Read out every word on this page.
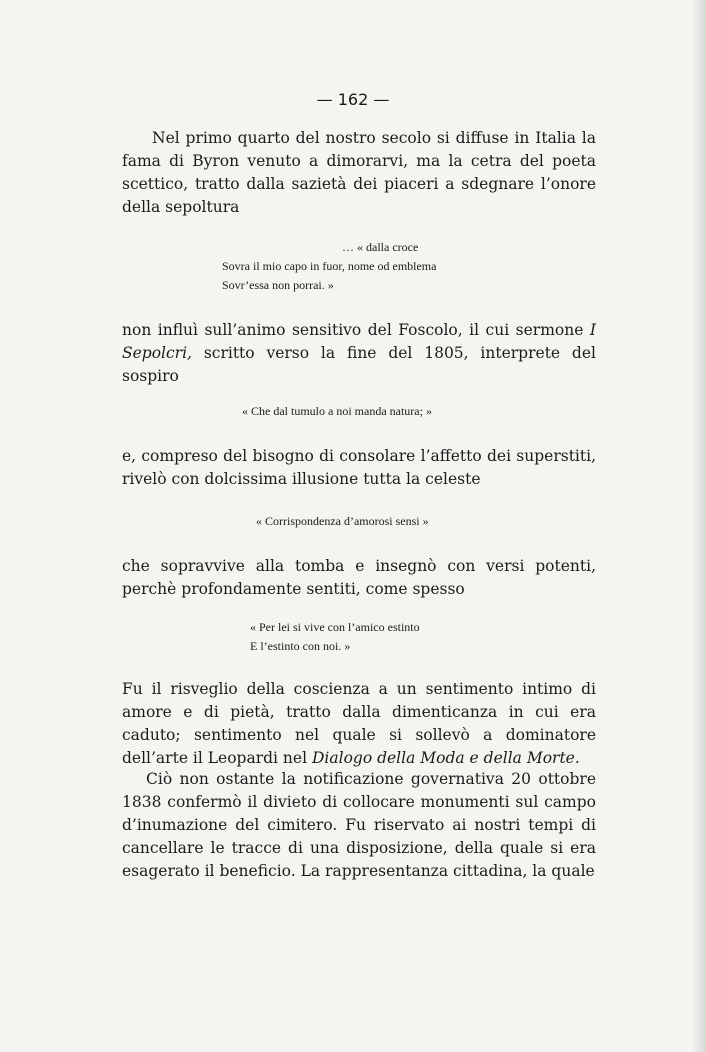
— 162 —
Nel primo quarto del nostro secolo si diffuse in Italia la fama di Byron venuto a dimorarvi, ma la cetra del poeta scettico, tratto dalla sazietà dei piaceri a sdegnare l’onore della sepoltura
… « dalla croce
Sovra il mio capo in fuor, nome od emblema
Sovr’essa non porrai. »
non influì sull’animo sensitivo del Foscolo, il cui sermone I Sepolcri, scritto verso la fine del 1805, interprete del sospiro
« Che dal tumulo a noi manda natura; »
e, compreso del bisogno di consolare l’affetto dei superstiti, rivelò con dolcissima illusione tutta la celeste
« Corrispondenza d’amorosi sensi »
che sopravvive alla tomba e insegnò con versi potenti, perchè profondamente sentiti, come spesso
« Per lei si vive con l’amico estinto
E l’estinto con noi. »
Fu il risveglio della coscienza a un sentimento intimo di amore e di pietà, tratto dalla dimenticanza in cui era caduto; sentimento nel quale si sollevò a dominatore dell’arte il Leopardi nel Dialogo della Moda e della Morte.
Ciò non ostante la notificazione governativa 20 ottobre 1838 confermò il divieto di collocare monumenti sul campo d’inumazione del cimitero. Fu riservato ai nostri tempi di cancellare le tracce di una disposizione, della quale si era esagerato il beneficio. La rappresentanza cittadina, la quale
